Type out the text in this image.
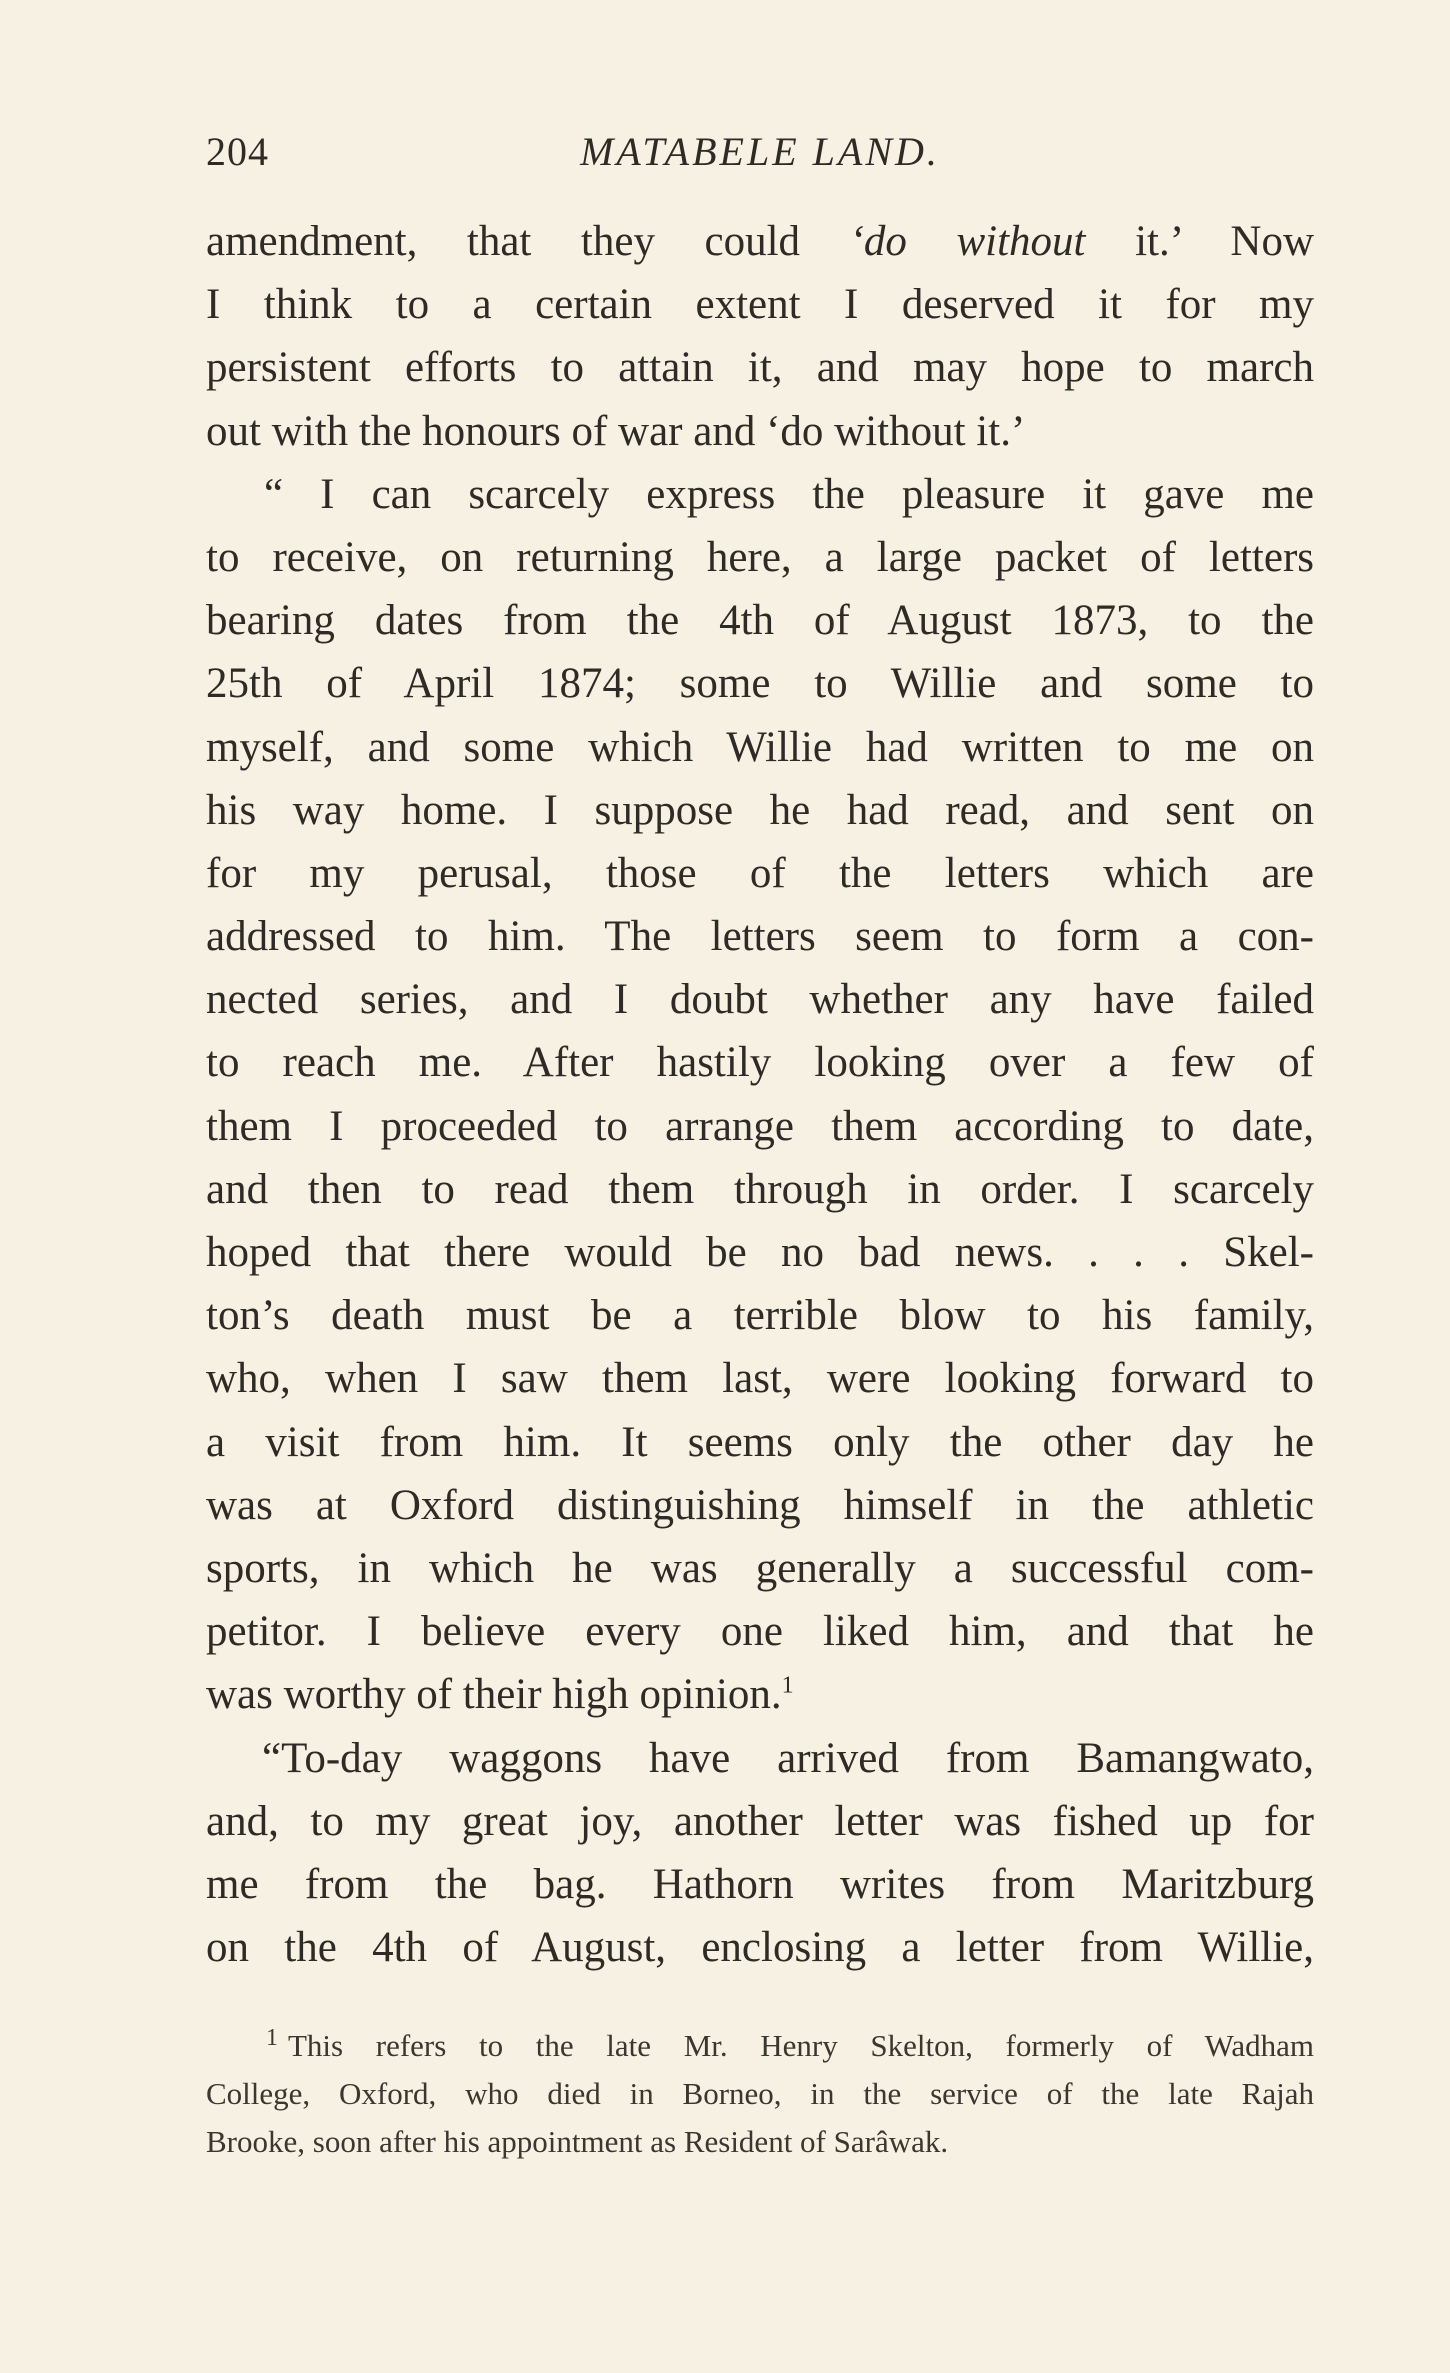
204	MATABELE LAND.
amendment, that they could ‘do without it.’ Now
I think to a certain extent I deserved it for my
persistent efforts to attain it, and may hope to march
out with the honours of war and ‘do without it.’
“ I can scarcely express the pleasure it gave me
to receive, on returning here, a large packet of letters
bearing dates from the 4th of August 1873, to the
25th of April 1874; some to Willie and some to
myself, and some which Willie had written to me on
his way home. I suppose he had read, and sent on
for my perusal, those of the letters which are
addressed to him. The letters seem to form a con-
nected series, and I doubt whether any have failed
to reach me. After hastily looking over a few of
them I proceeded to arrange them according to date,
and then to read them through in order. I scarcely
hoped that there would be no bad news. . . . Skel-
ton’s death must be a terrible blow to his family,
who, when I saw them last, were looking forward to
a visit from him. It seems only the other day he
was at Oxford distinguishing himself in the athletic
sports, in which he was generally a successful com-
petitor. I believe every one liked him, and that he
was worthy of their high opinion.$^1$
“To-day waggons have arrived from Bamangwato,
and, to my great joy, another letter was fished up for
me from the bag. Hathorn writes from Maritzburg
on the 4th of August, enclosing a letter from Willie,
$^1$ This refers to the late Mr. Henry Skelton, formerly of Wadham
College, Oxford, who died in Borneo, in the service of the late Rajah
Brooke, soon after his appointment as Resident of Sarâwak.
